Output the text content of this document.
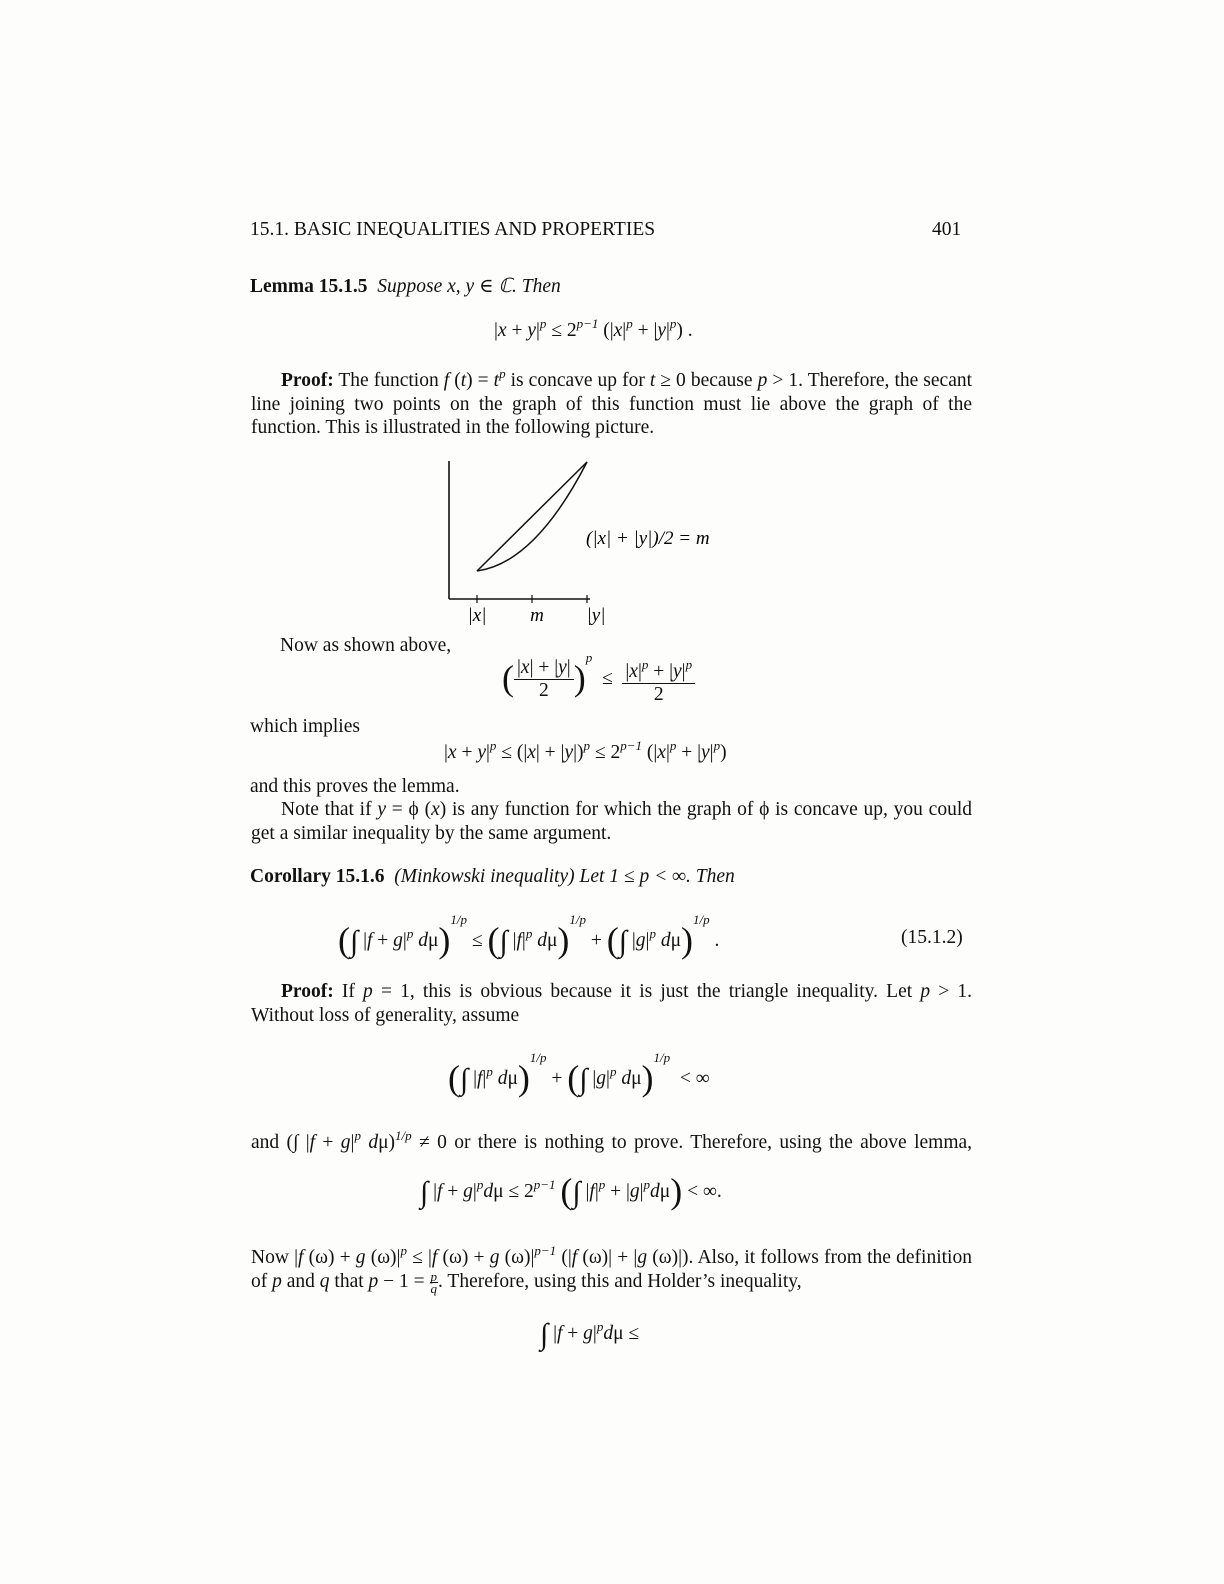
15.1. BASIC INEQUALITIES AND PROPERTIES	401
Lemma 15.1.5 Suppose x, y ∈ ℂ. Then
$|x + y|^p \le 2^{p-1}$ $(|x|^p + |y|^p)$ .
Proof: The function f $(t) = t^p$ is concave up for t ≥ 0 because p > 1. Therefore, the secant line joining two points on the graph of this function must lie above the graph of the function. This is illustrated in the following picture.
|x| m |y|
(|x| + |y|)/2 = m
Now as shown above,
( $\frac{|x| + |y|}{2} )^p \le \frac{|x|^p + |y|^p}{2}$
which implies
$|x + y|^p \le (|x| + |y|)^p \le 2^{p-1}$ $(|x|^p + |y|^p)$
and this proves the lemma.
Note that if y = ϕ (x) is any function for which the graph of ϕ is concave up, you could get a similar inequality by the same argument.
Corollary 15.1.6 (Minkowski inequality) Let 1 ≤ p < ∞. Then
(∫ $|f + g|^p$ dμ)$^{1/p}$ ≤ (∫ $|f|^p$ dμ)$^{1/p}$ + (∫ $|g|^p$ dμ)$^{1/p}$ .	(15.1.2)
Proof: If p = 1, this is obvious because it is just the triangle inequality. Let p > 1. Without loss of generality, assume
(∫ $|f|^p$ dμ)$^{1/p}$ + (∫ $|g|^p$ dμ)$^{1/p}$  < ∞
and (∫ $|f + g|^p$ dμ)$^{1/p}$ ≠ 0 or there is nothing to prove. Therefore, using the above lemma,
∫ $|f + g|^pd\mu \le 2^{p-1}$ (∫ $|f|^p + |g|^pd\mu$) < ∞.
Now |f (ω) + g $(\omega)|^p \le |f$ (ω) + g $(\omega)|^{p-1}$ (|f (ω)| + |g (ω)|). Also, it follows from the definition of p and q that $p - 1 = \frac{p}{q}$ . Therefore, using this and Holder’s inequality,
∫ $|f + g|^pd\mu$ ≤
